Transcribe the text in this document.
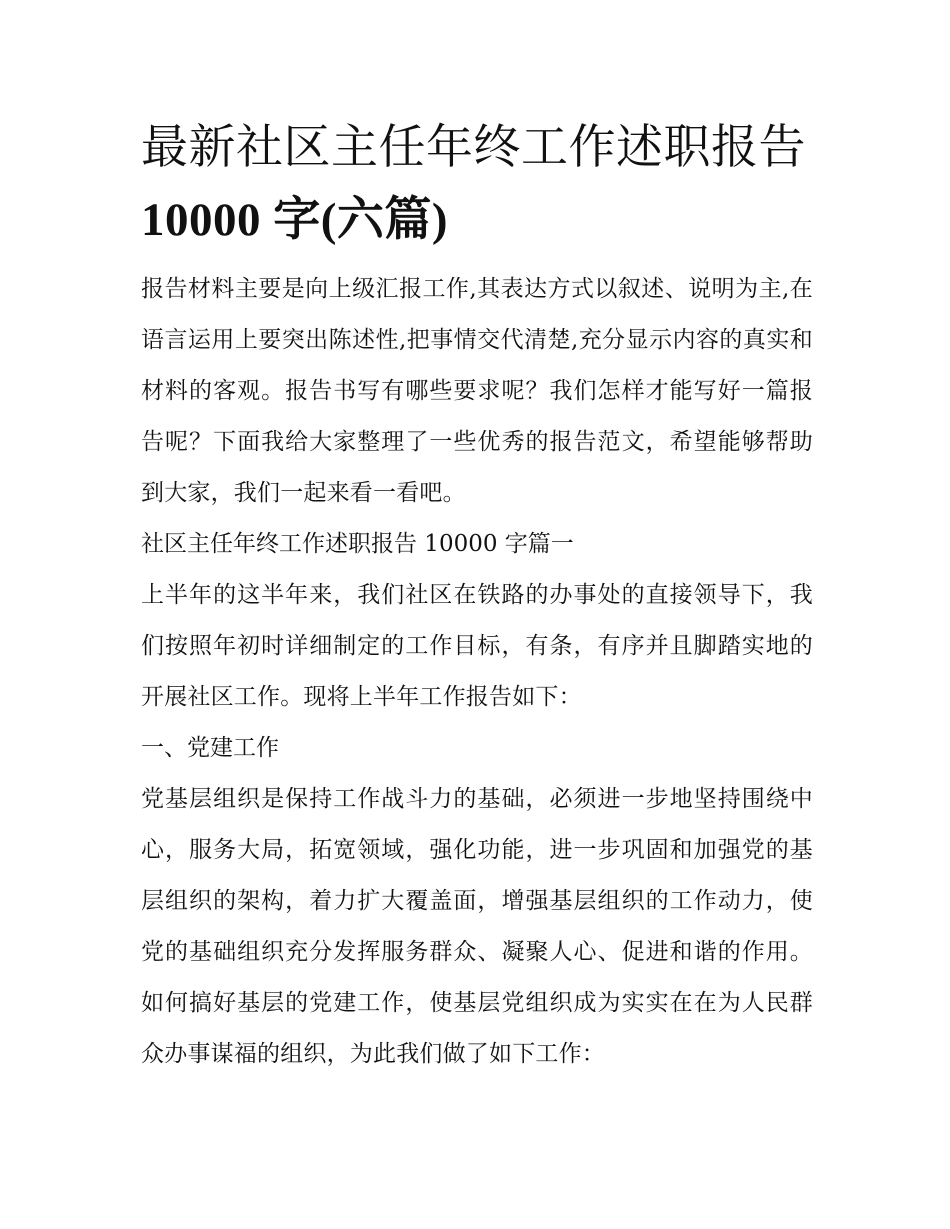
最新社区主任年终工作述职报告10000 字(六篇)

报告材料主要是向上级汇报工作,其表达方式以叙述、说明为主,在语言运用上要突出陈述性,把事情交代清楚,充分显示内容的真实和材料的客观。报告书写有哪些要求呢？我们怎样才能写好一篇报告呢？下面我给大家整理了一些优秀的报告范文，希望能够帮助到大家，我们一起来看一看吧。

社区主任年终工作述职报告 10000 字篇一

上半年的这半年来，我们社区在铁路的办事处的直接领导下，我们按照年初时详细制定的工作目标，有条，有序并且脚踏实地的开展社区工作。现将上半年工作报告如下：

一、党建工作

党基层组织是保持工作战斗力的基础，必须进一步地坚持围绕中心，服务大局，拓宽领域，强化功能，进一步巩固和加强党的基层组织的架构，着力扩大覆盖面，增强基层组织的工作动力，使党的基础组织充分发挥服务群众、凝聚人心、促进和谐的作用。如何搞好基层的党建工作，使基层党组织成为实实在在为人民群众办事谋福的组织，为此我们做了如下工作：
